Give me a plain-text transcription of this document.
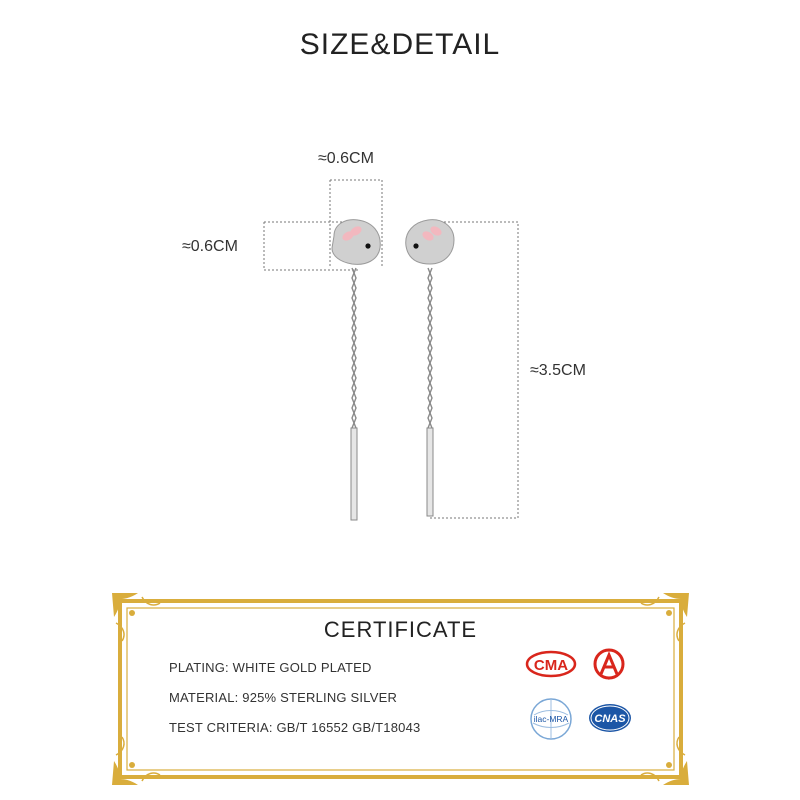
SIZE&DETAIL
≈0.6CM
≈0.6CM
≈3.5CM
CERTIFICATE
PLATING: WHITE GOLD PLATED
MATERIAL: 925% STERLING SILVER
TEST CRITERIA: GB/T 16552 GB/T18043
CMA
CA
ilac-MRA CNAS
